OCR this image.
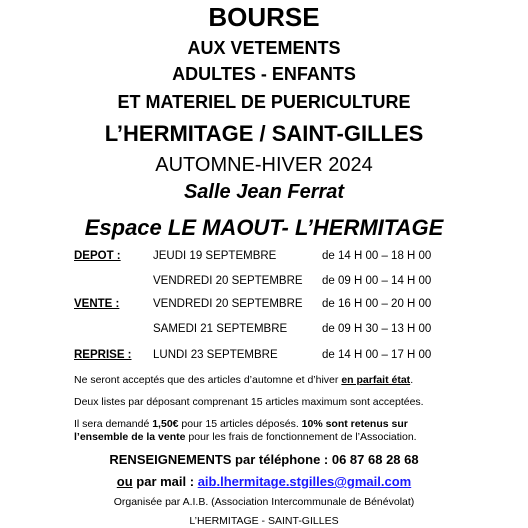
BOURSE
AUX VETEMENTS
ADULTES - ENFANTS
ET MATERIEL DE PUERICULTURE
L’HERMITAGE / SAINT-GILLES
AUTOMNE-HIVER 2024
Salle Jean Ferrat
Espace LE MAOUT- L’HERMITAGE
DEPOT :	JEUDI 19 SEPTEMBRE	de 14 H 00 – 18 H 00
VENDREDI 20 SEPTEMBRE de 09 H 00 – 14 H 00
VENTE :	VENDREDI 20 SEPTEMBRE de 16 H 00 – 20 H 00
SAMEDI 21 SEPTEMBRE	de 09 H 30 – 13 H 00
REPRISE : LUNDI 23 SEPTEMBRE	de 14 H 00 – 17 H 00
Ne seront acceptés que des articles d’automne et d’hiver en parfait état.
Deux listes par déposant comprenant 15 articles maximum sont acceptées.
Il sera demandé 1,50€ pour 15 articles déposés. 10% sont retenus sur
l’ensemble de la vente pour les frais de fonctionnement de l’Association.
RENSEIGNEMENTS par téléphone : 06 87 68 28 68
ou par mail : aib.lhermitage.stgilles@gmail.com
Organisée par A.I.B. (Association Intercommunale de Bénévolat)
L’HERMITAGE - SAINT-GILLES
